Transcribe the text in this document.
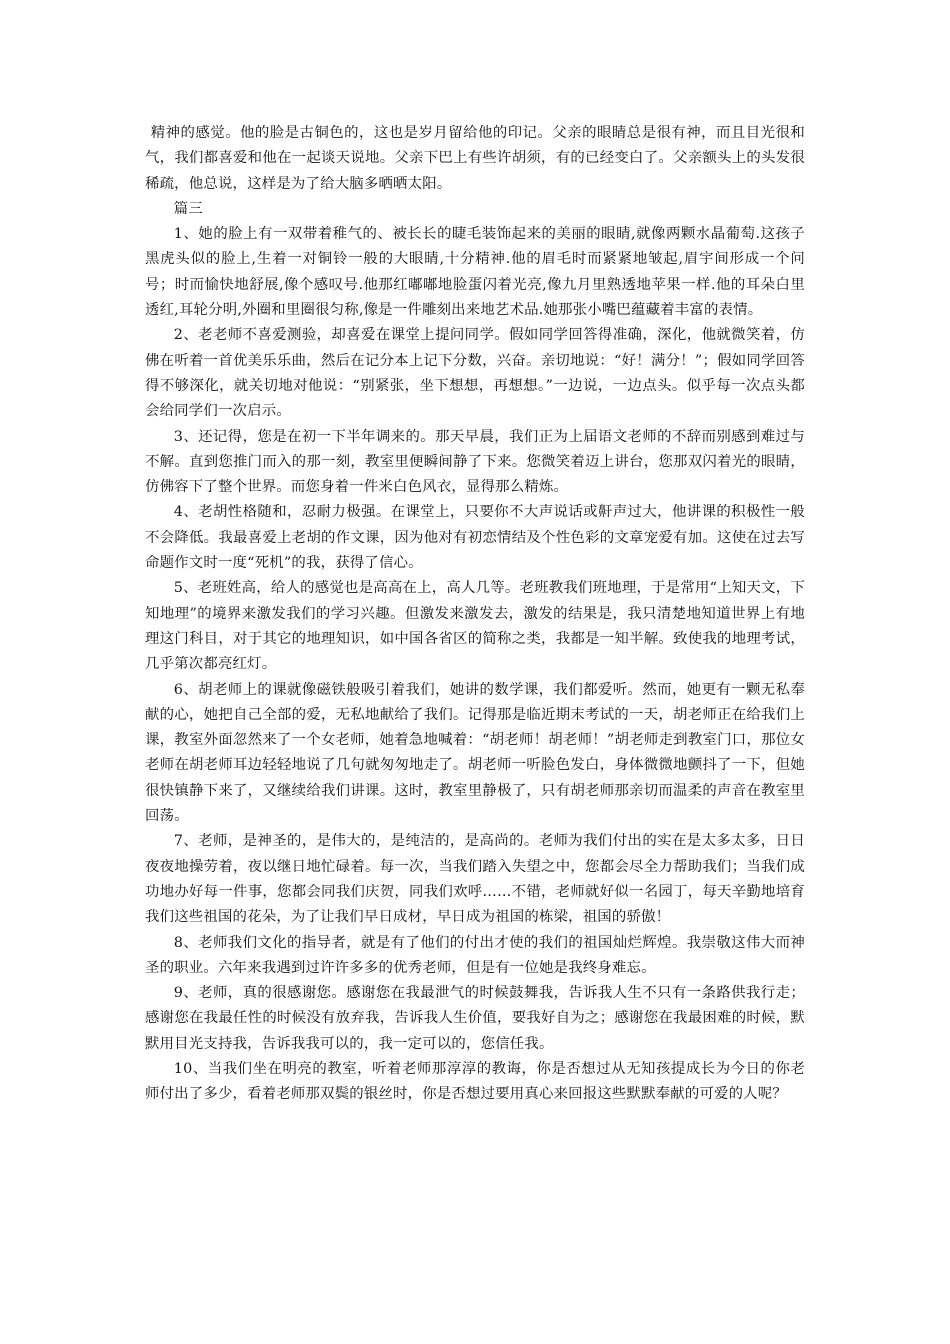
精神的感觉。他的脸是古铜色的，这也是岁月留给他的印记。父亲的眼睛总是很有神，而且目光很和气，我们都喜爱和他在一起谈天说地。父亲下巴上有些许胡须，有的已经变白了。父亲额头上的头发很稀疏，他总说，这样是为了给大脑多晒晒太阳。

篇三

1、她的脸上有一双带着稚气的、被长长的睫毛装饰起来的美丽的眼睛,就像两颗水晶葡萄.这孩子黑虎头似的脸上,生着一对铜铃一般的大眼睛,十分精神.他的眉毛时而紧紧地皱起,眉宇间形成一个问号；时而愉快地舒展,像个感叹号.他那红嘟嘟地脸蛋闪着光亮,像九月里熟透地苹果一样.他的耳朵白里透红,耳轮分明,外圈和里圈很匀称,像是一件雕刻出来地艺术品.她那张小嘴巴蕴藏着丰富的表情。

2、老老师不喜爱测验，却喜爱在课堂上提问同学。假如同学回答得准确，深化，他就微笑着，仿佛在听着一首优美乐乐曲，然后在记分本上记下分数，兴奋。亲切地说：“好！满分！”；假如同学回答得不够深化，就关切地对他说：“别紧张，坐下想想，再想想。”一边说，一边点头。似乎每一次点头都会给同学们一次启示。

3、还记得，您是在初一下半年调来的。那天早晨，我们正为上届语文老师的不辞而别感到难过与不解。直到您推门而入的那一刻，教室里便瞬间静了下来。您微笑着迈上讲台，您那双闪着光的眼睛，仿佛容下了整个世界。而您身着一件米白色风衣，显得那么精炼。

4、老胡性格随和，忍耐力极强。在课堂上，只要你不大声说话或鼾声过大，他讲课的积极性一般不会降低。我最喜爱上老胡的作文课，因为他对有初恋情结及个性色彩的文章宠爱有加。这使在过去写命题作文时一度“死机”的我，获得了信心。

5、老班姓高，给人的感觉也是高高在上，高人几等。老班教我们班地理，于是常用“上知天文，下知地理”的境界来激发我们的学习兴趣。但激发来激发去，激发的结果是，我只清楚地知道世界上有地理这门科目，对于其它的地理知识，如中国各省区的简称之类，我都是一知半解。致使我的地理考试，几乎第次都亮红灯。

6、胡老师上的课就像磁铁般吸引着我们，她讲的数学课，我们都爱听。然而，她更有一颗无私奉献的心，她把自己全部的爱，无私地献给了我们。记得那是临近期末考试的一天，胡老师正在给我们上课，教室外面忽然来了一个女老师，她着急地喊着：“胡老师！胡老师！”胡老师走到教室门口，那位女老师在胡老师耳边轻轻地说了几句就匆匆地走了。胡老师一听脸色发白，身体微微地颤抖了一下，但她很快镇静下来了，又继续给我们讲课。这时，教室里静极了，只有胡老师那亲切而温柔的声音在教室里回荡。

7、老师，是神圣的，是伟大的，是纯洁的，是高尚的。老师为我们付出的实在是太多太多，日日夜夜地操劳着，夜以继日地忙碌着。每一次，当我们踏入失望之中，您都会尽全力帮助我们；当我们成功地办好每一件事，您都会同我们庆贺，同我们欢呼……不错，老师就好似一名园丁，每天辛勤地培育我们这些祖国的花朵，为了让我们早日成材，早日成为祖国的栋梁，祖国的骄傲！

8、老师我们文化的指导者，就是有了他们的付出才使的我们的祖国灿烂辉煌。我崇敬这伟大而神圣的职业。六年来我遇到过许许多多的优秀老师，但是有一位她是我终身难忘。

9、老师，真的很感谢您。感谢您在我最泄气的时候鼓舞我，告诉我人生不只有一条路供我行走；感谢您在我最任性的时候没有放弃我，告诉我人生价值，要我好自为之；感谢您在我最困难的时候，默默用目光支持我，告诉我我可以的，我一定可以的，您信任我。

10、当我们坐在明亮的教室，听着老师那淳淳的教诲，你是否想过从无知孩提成长为今日的你老师付出了多少，看着老师那双鬓的银丝时，你是否想过要用真心来回报这些默默奉献的可爱的人呢？
